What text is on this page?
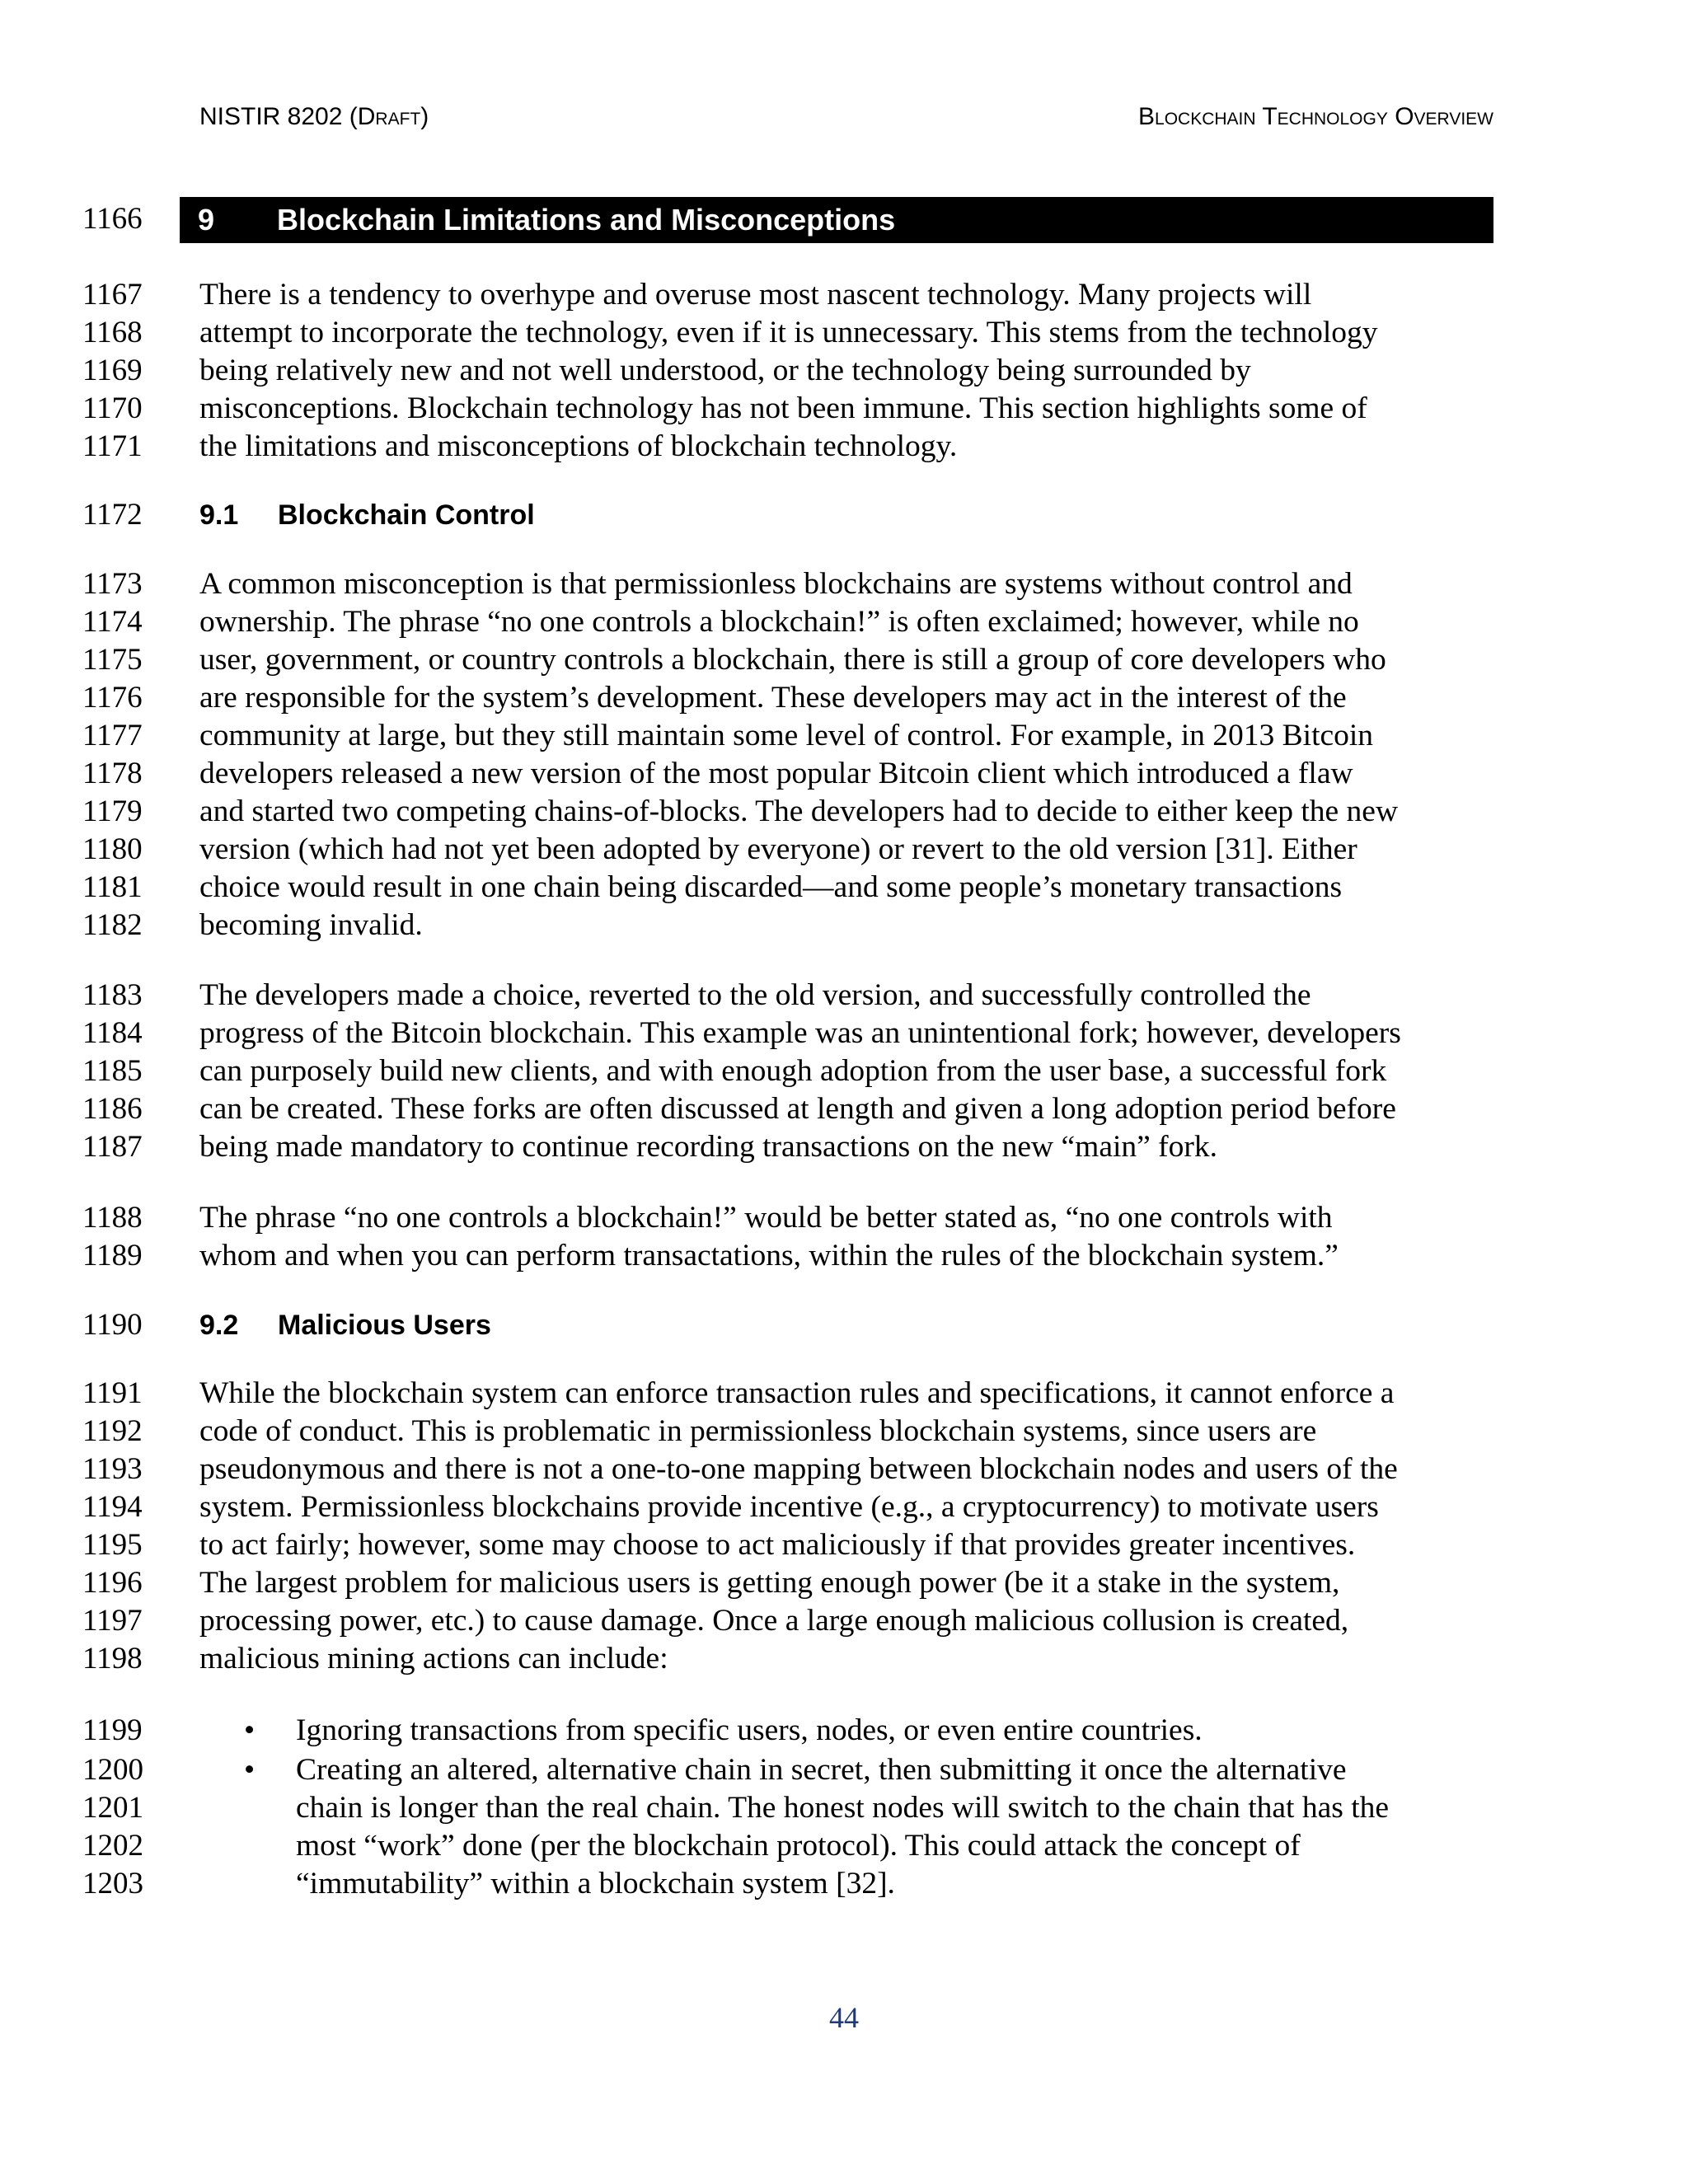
NISTIR 8202 (Draft)	Blockchain Technology Overview
1166
1167
1168
1169
1170
1171
1172
1173
1174
1175
1176
1177
1178
1179
1180
1181
1182
1183
1184
1185
1186
1187
1188
1189
1190
1191
1192
1193
1194
1195
1196
1197
1198
1199
1200
1201
1202
1203
9 Blockchain Limitations and Misconceptions
There is a tendency to overhype and overuse most nascent technology. Many projects will
attempt to incorporate the technology, even if it is unnecessary. This stems from the technology
being relatively new and not well understood, or the technology being surrounded by
misconceptions. Blockchain technology has not been immune. This section highlights some of
the limitations and misconceptions of blockchain technology.
9.1 Blockchain Control
A common misconception is that permissionless blockchains are systems without control and
ownership. The phrase “no one controls a blockchain!” is often exclaimed; however, while no
user, government, or country controls a blockchain, there is still a group of core developers who
are responsible for the system’s development. These developers may act in the interest of the
community at large, but they still maintain some level of control. For example, in 2013 Bitcoin
developers released a new version of the most popular Bitcoin client which introduced a flaw
and started two competing chains-of-blocks. The developers had to decide to either keep the new
version (which had not yet been adopted by everyone) or revert to the old version [31]. Either
choice would result in one chain being discarded—and some people’s monetary transactions
becoming invalid.
The developers made a choice, reverted to the old version, and successfully controlled the
progress of the Bitcoin blockchain. This example was an unintentional fork; however, developers
can purposely build new clients, and with enough adoption from the user base, a successful fork
can be created. These forks are often discussed at length and given a long adoption period before
being made mandatory to continue recording transactions on the new “main” fork.
The phrase “no one controls a blockchain!” would be better stated as, “no one controls with
whom and when you can perform transactations, within the rules of the blockchain system.”
9.2 Malicious Users
While the blockchain system can enforce transaction rules and specifications, it cannot enforce a
code of conduct. This is problematic in permissionless blockchain systems, since users are
pseudonymous and there is not a one-to-one mapping between blockchain nodes and users of the
system. Permissionless blockchains provide incentive (e.g., a cryptocurrency) to motivate users
to act fairly; however, some may choose to act maliciously if that provides greater incentives.
The largest problem for malicious users is getting enough power (be it a stake in the system,
processing power, etc.) to cause damage. Once a large enough malicious collusion is created,
malicious mining actions can include:
• Ignoring transactions from specific users, nodes, or even entire countries.
• Creating an altered, alternative chain in secret, then submitting it once the alternative
chain is longer than the real chain. The honest nodes will switch to the chain that has the
most “work” done (per the blockchain protocol). This could attack the concept of
“immutability” within a blockchain system [32].
44
